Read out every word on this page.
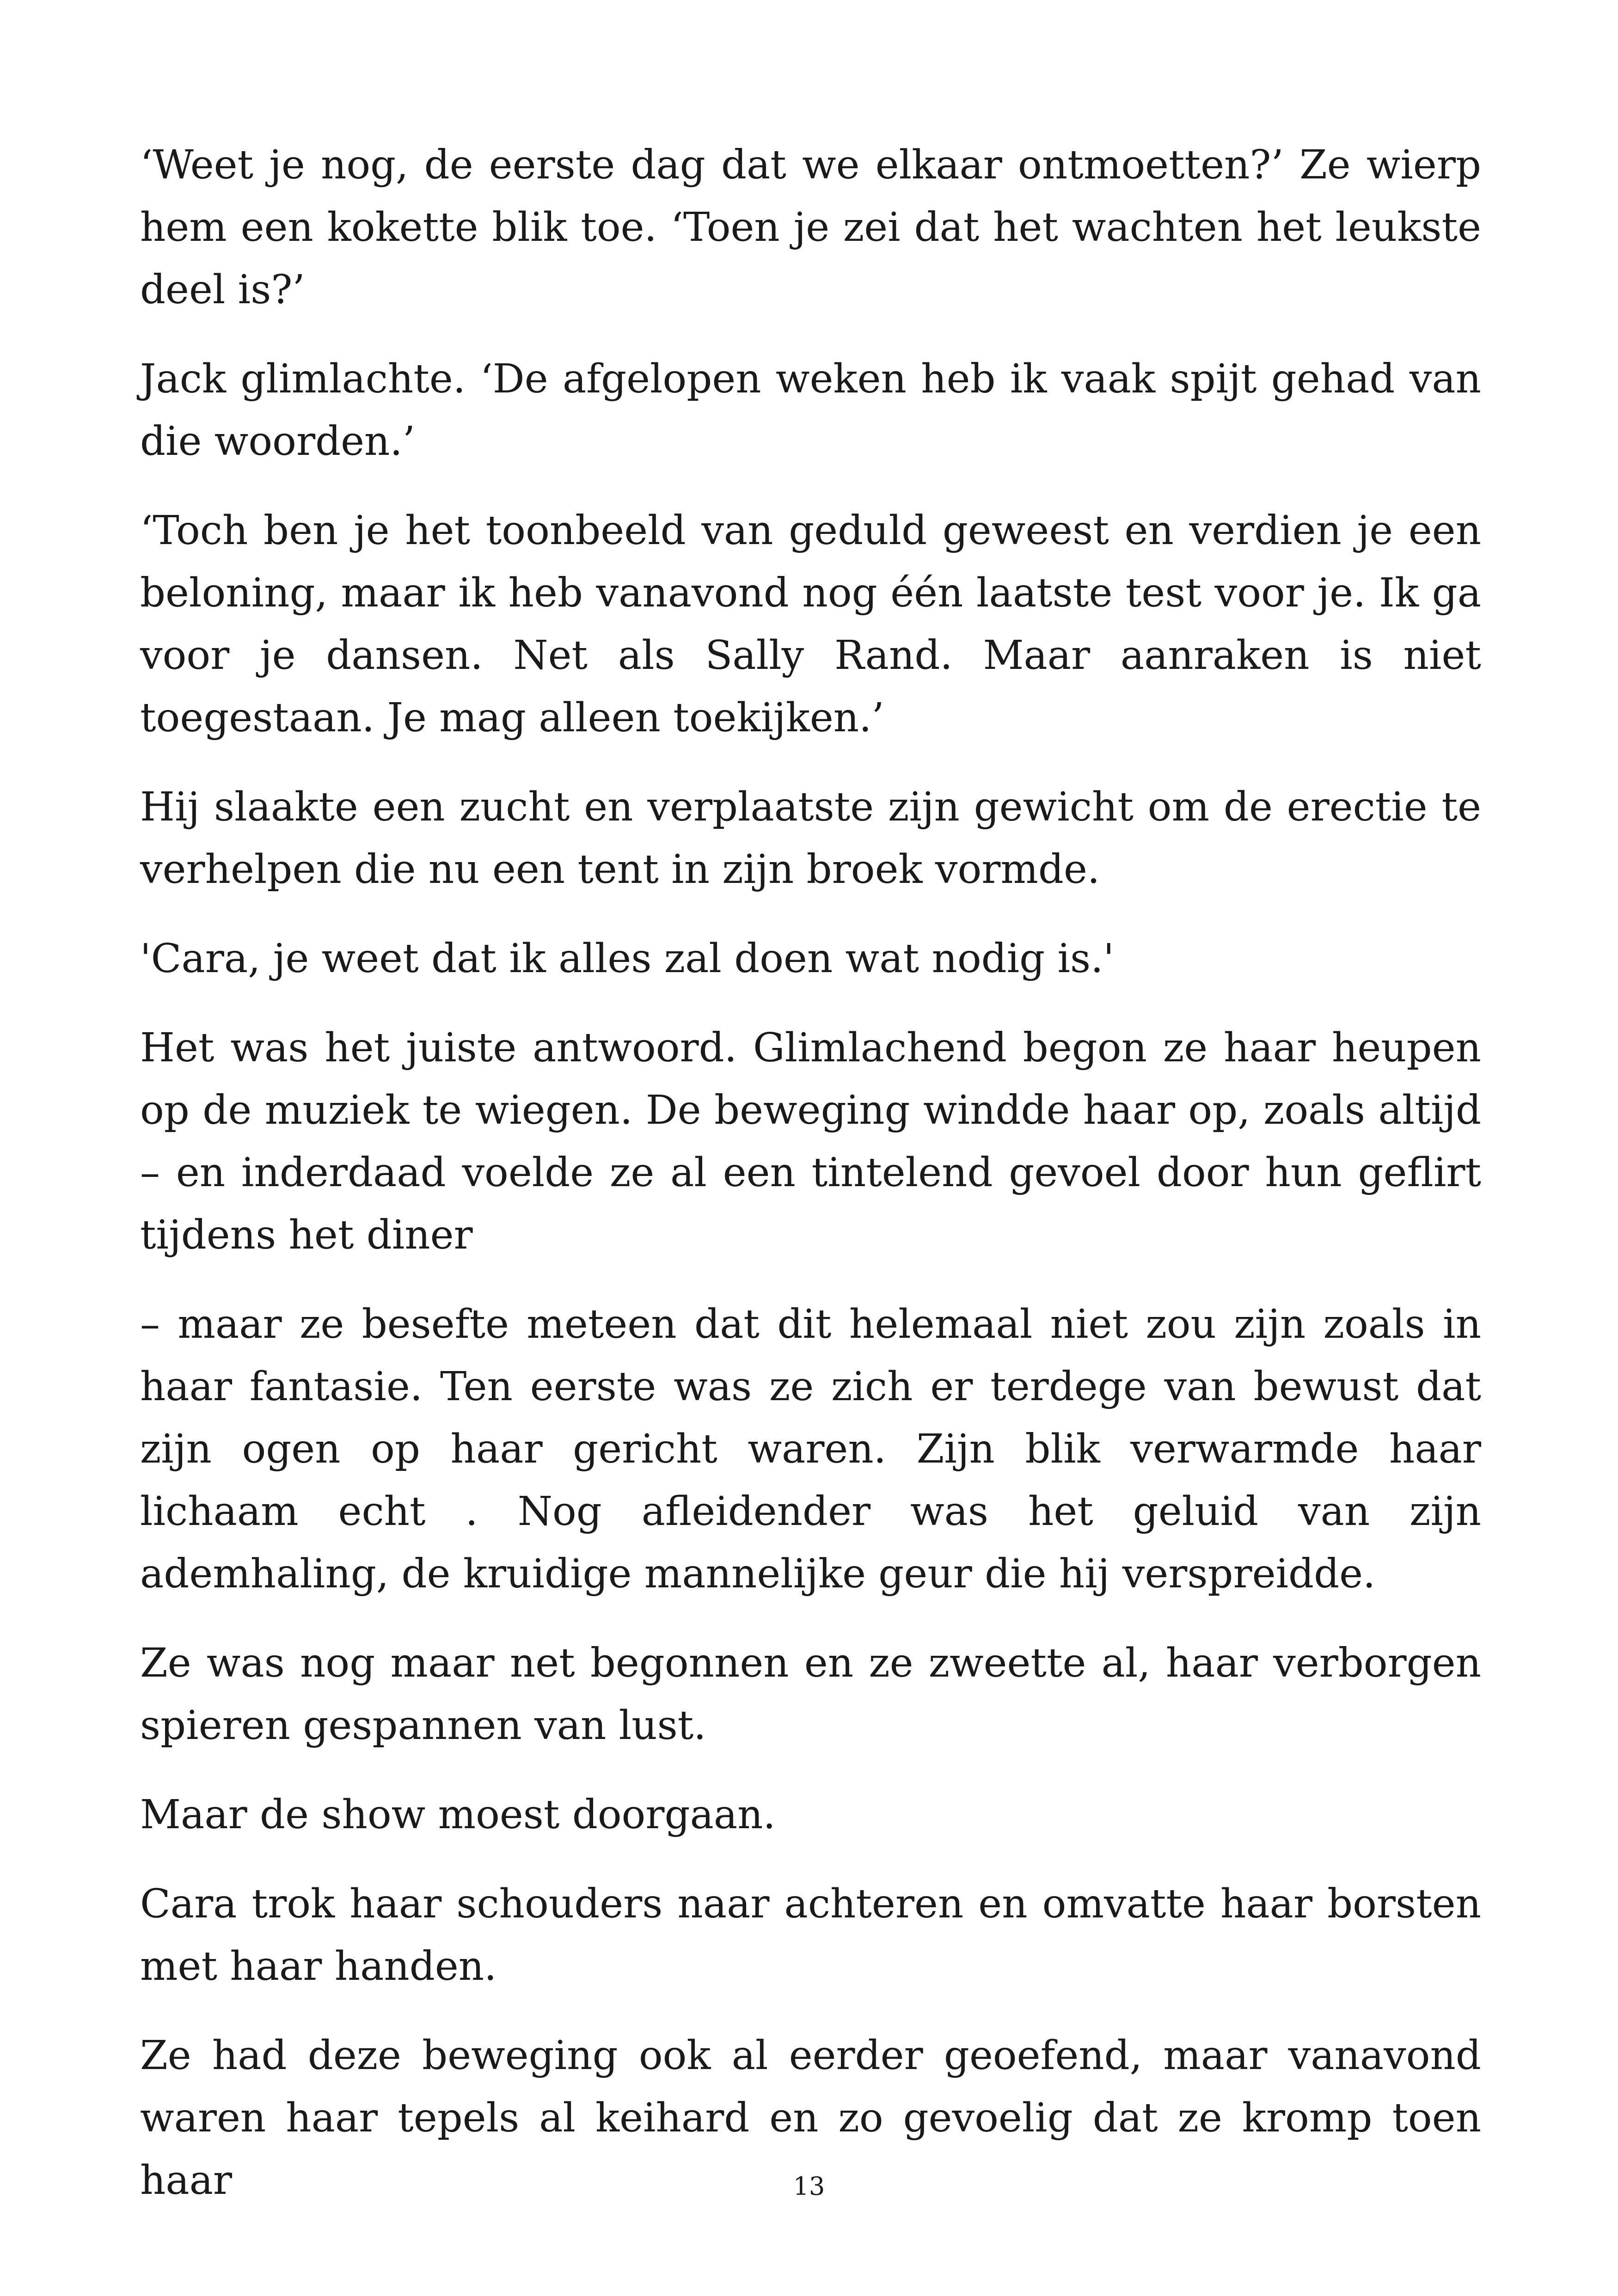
‘Weet je nog, de eerste dag dat we elkaar ontmoetten?’ Ze wierp hem een kokette blik toe. ‘Toen je zei dat het wachten het leukste deel is?’

Jack glimlachte. ‘De afgelopen weken heb ik vaak spijt gehad van die woorden.’

‘Toch ben je het toonbeeld van geduld geweest en verdien je een beloning, maar ik heb vanavond nog één laatste test voor je. Ik ga voor je dansen. Net als Sally Rand. Maar aanraken is niet toegestaan. Je mag alleen toekijken.’

Hij slaakte een zucht en verplaatste zijn gewicht om de erectie te verhelpen die nu een tent in zijn broek vormde.

'Cara, je weet dat ik alles zal doen wat nodig is.'

Het was het juiste antwoord. Glimlachend begon ze haar heupen op de muziek te wiegen. De beweging windde haar op, zoals altijd – en inderdaad voelde ze al een tintelend gevoel door hun geflirt tijdens het diner

– maar ze besefte meteen dat dit helemaal niet zou zijn zoals in haar fantasie. Ten eerste was ze zich er terdege van bewust dat zijn ogen op haar gericht waren. Zijn blik verwarmde haar lichaam echt . Nog afleidender was het geluid van zijn ademhaling, de kruidige mannelijke geur die hij verspreidde.

Ze was nog maar net begonnen en ze zweette al, haar verborgen spieren gespannen van lust.

Maar de show moest doorgaan.

Cara trok haar schouders naar achteren en omvatte haar borsten met haar handen.

Ze had deze beweging ook al eerder geoefend, maar vanavond waren haar tepels al keihard en zo gevoelig dat ze kromp toen haar	13
